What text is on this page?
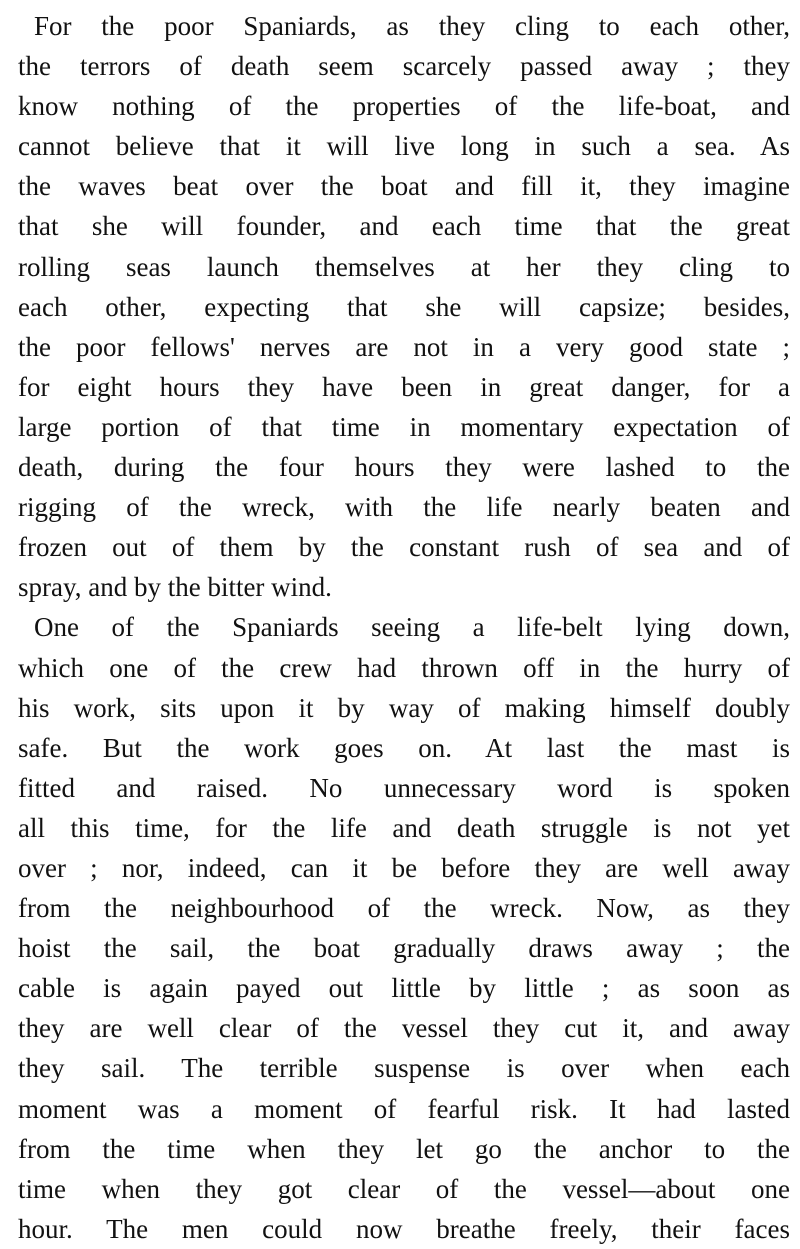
For the poor Spaniards, as they cling to each other,
the terrors of death seem scarcely passed away ; they
know nothing of the properties of the life-boat, and
cannot believe that it will live long in such a sea. As
the waves beat over the boat and fill it, they imagine
that she will founder, and each time that the great
rolling seas launch themselves at her they cling to
each other, expecting that she will capsize; besides,
the poor fellows' nerves are not in a very good state ;
for eight hours they have been in great danger, for a
large portion of that time in momentary expectation of
death, during the four hours they were lashed to the
rigging of the wreck, with the life nearly beaten and
frozen out of them by the constant rush of sea and of
spray, and by the bitter wind.
One of the Spaniards seeing a life-belt lying down,
which one of the crew had thrown off in the hurry of
his work, sits upon it by way of making himself doubly
safe. But the work goes on. At last the mast is
fitted and raised. No unnecessary word is spoken
all this time, for the life and death struggle is not yet
over ; nor, indeed, can it be before they are well away
from the neighbourhood of the wreck. Now, as they
hoist the sail, the boat gradually draws away ; the
cable is again payed out little by little ; as soon as
they are well clear of the vessel they cut it, and away
they sail. The terrible suspense is over when each
moment was a moment of fearful risk. It had lasted
from the time when they let go the anchor to the
time when they got clear of the vessel—about one
hour. The men could now breathe freely, their faces
